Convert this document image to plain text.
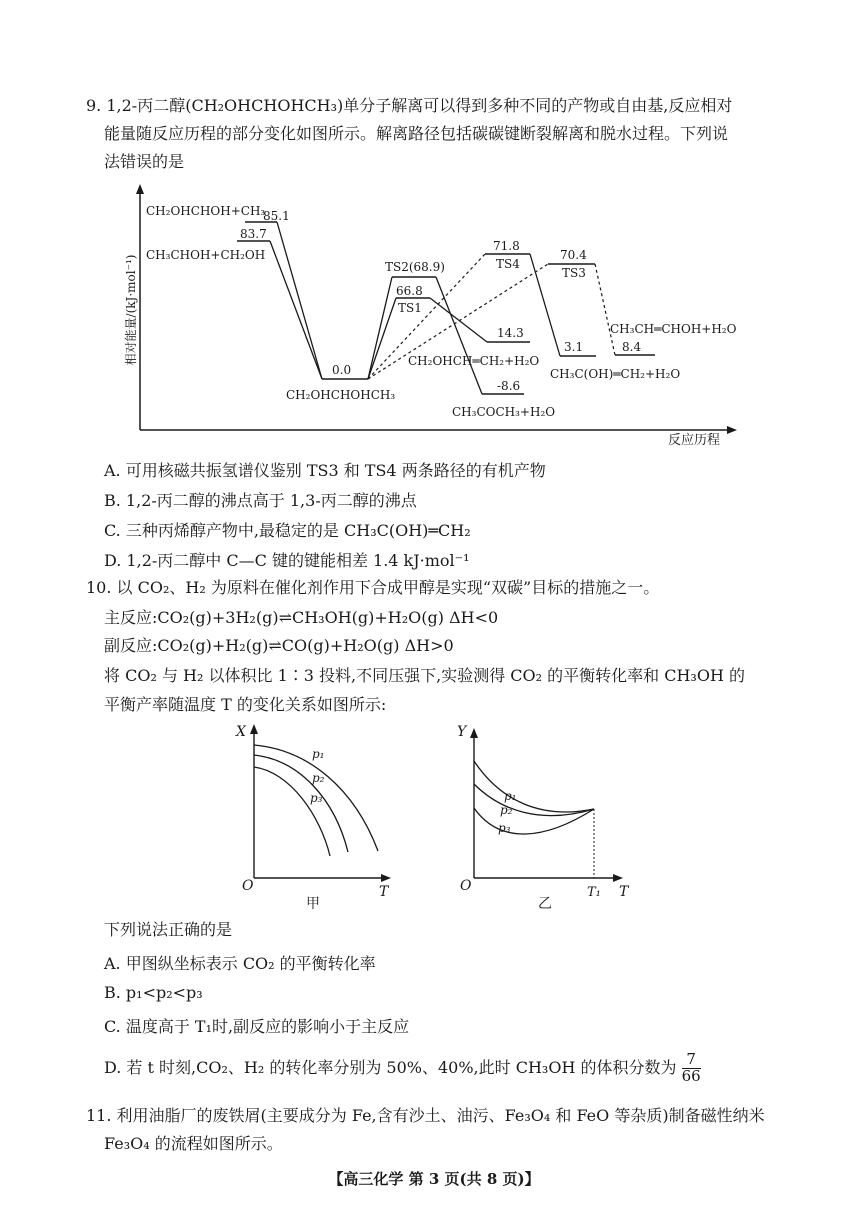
9. 1,2-丙二醇(CH₂OHCHOHCH₃)单分子解离可以得到多种不同的产物或自由基,反应相对
能量随反应历程的部分变化如图所示。解离路径包括碳碳键断裂解离和脱水过程。下列说
法错误的是
相对能量/(kJ·mol⁻¹)
反应历程
CH₂OHCHOH+CH₃
85.1
83.7
CH₃CHOH+CH₂OH
0.0
CH₂OHCHOHCH₃
TS2(68.9)
66.8
TS1
71.8
TS4
70.4
TS3
14.3
CH₂OHCH═CH₂+H₂O
-8.6
CH₃COCH₃+H₂O
3.1
CH₃C(OH)═CH₂+H₂O
CH₃CH═CHOH+H₂O
8.4
A. 可用核磁共振氢谱仪鉴别 TS3 和 TS4 两条路径的有机产物
B. 1,2-丙二醇的沸点高于 1,3-丙二醇的沸点
C. 三种丙烯醇产物中,最稳定的是 CH₃C(OH)═CH₂
D. 1,2-丙二醇中 C—C 键的键能相差 1.4 kJ·mol⁻¹
10. 以 CO₂、H₂ 为原料在催化剂作用下合成甲醇是实现“双碳”目标的措施之一。
主反应:CO₂(g)+3H₂(g)⇌CH₃OH(g)+H₂O(g) ΔH<0
副反应:CO₂(g)+H₂(g)⇌CO(g)+H₂O(g) ΔH>0
将 CO₂ 与 H₂ 以体积比 1∶3 投料,不同压强下,实验测得 CO₂ 的平衡转化率和 CH₃OH 的
平衡产率随温度 T 的变化关系如图所示:
X
T
O
甲
p₁
p₂
p₃
Y
T
O
乙
T₁
p₁
p₂
p₃
下列说法正确的是
A. 甲图纵坐标表示 CO₂ 的平衡转化率
B. p₁<p₂<p₃
C. 温度高于 T₁时,副反应的影响小于主反应
D. 若 t 时刻,CO₂、H₂ 的转化率分别为 50%、40%,此时 CH₃OH 的体积分数为 $\frac{7}{66}$
11. 利用油脂厂的废铁屑(主要成分为 Fe,含有沙土、油污、Fe₃O₄ 和 FeO 等杂质)制备磁性纳米
Fe₃O₄ 的流程如图所示。
【高三化学 第 3 页(共 8 页)】
